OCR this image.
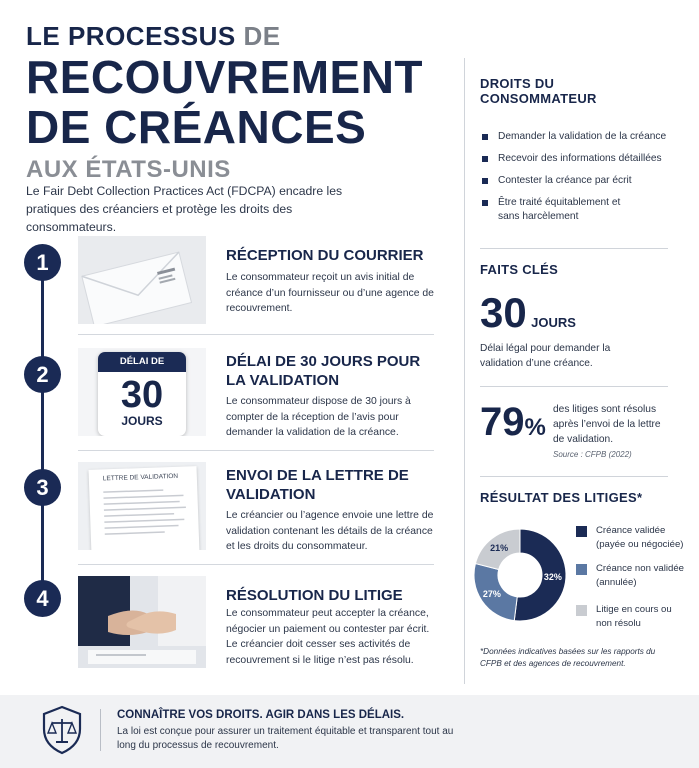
LE PROCESSUS DE
RECOUVREMENT
DE CRÉANCES
AUX ÉTATS-UNIS
Le Fair Debt Collection Practices Act (FDCPA) encadre les pratiques des créanciers et protège les droits des consommateurs.
1
2
3
4
RÉCEPTION DU COURRIER
Le consommateur reçoit un avis initial de créance d’un fournisseur ou d’une agence de recouvrement.
DÉLAI DE
30
JOURS
DÉLAI DE 30 JOURS POUR LA VALIDATION
Le consommateur dispose de 30 jours à compter de la réception de l’avis pour demander la validation de la créance.
LETTRE DE VALIDATION	ENVOI DE LA LETTRE DE VALIDATION
Le créancier ou l’agence envoie une lettre de validation contenant les détails de la créance et les droits du consommateur.
RÉSOLUTION DU LITIGE
Le consommateur peut accepter la créance, négocier un paiement ou contester par écrit. Le créancier doit cesser ses activités de recouvrement si le litige n’est pas résolu.
DROITS DU CONSOMMATEUR
Demander la validation de la créance
Recevoir des informations détaillées
Contester la créance par écrit
Être traité équitablement et sans harcèlement
FAITS CLÉS
30 JOURS
Délai légal pour demander la validation d’une créance.
79%
des litiges sont résolus après l’envoi de la lettre de validation.
Source : CFPB (2022)
RÉSULTAT DES LITIGES*
27%
21%
32%
Créance validée (payée ou négociée)
Créance non validée (annulée)
Litige en cours ou non résolu
*Données indicatives basées sur les rapports du CFPB et des agences de recouvrement.
CONNAÎTRE VOS DROITS. AGIR DANS LES DÉLAIS.
La loi est conçue pour assurer un traitement équitable et transparent tout au long du processus de recouvrement.
